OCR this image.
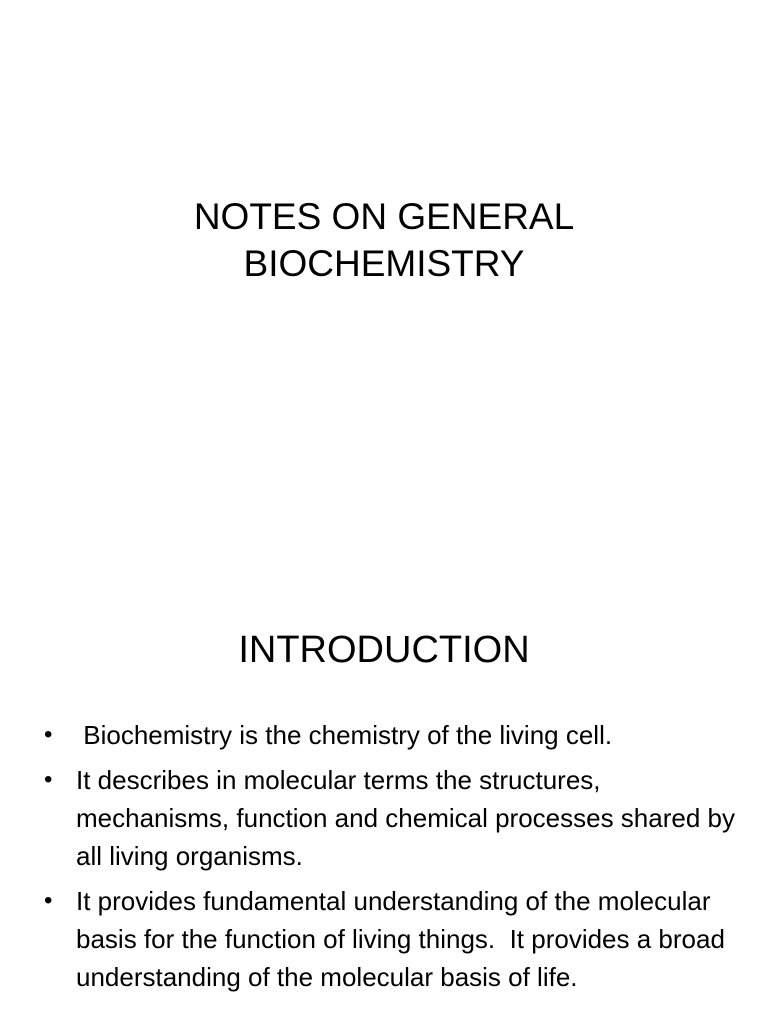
NOTES ON GENERAL
BIOCHEMISTRY
INTRODUCTION
• Biochemistry is the chemistry of the living cell.
• It describes in molecular terms the structures, mechanisms, function and chemical processes shared by all living organisms.
• It provides fundamental understanding of the molecular basis for the function of living things.  It provides a broad understanding of the molecular basis of life.
